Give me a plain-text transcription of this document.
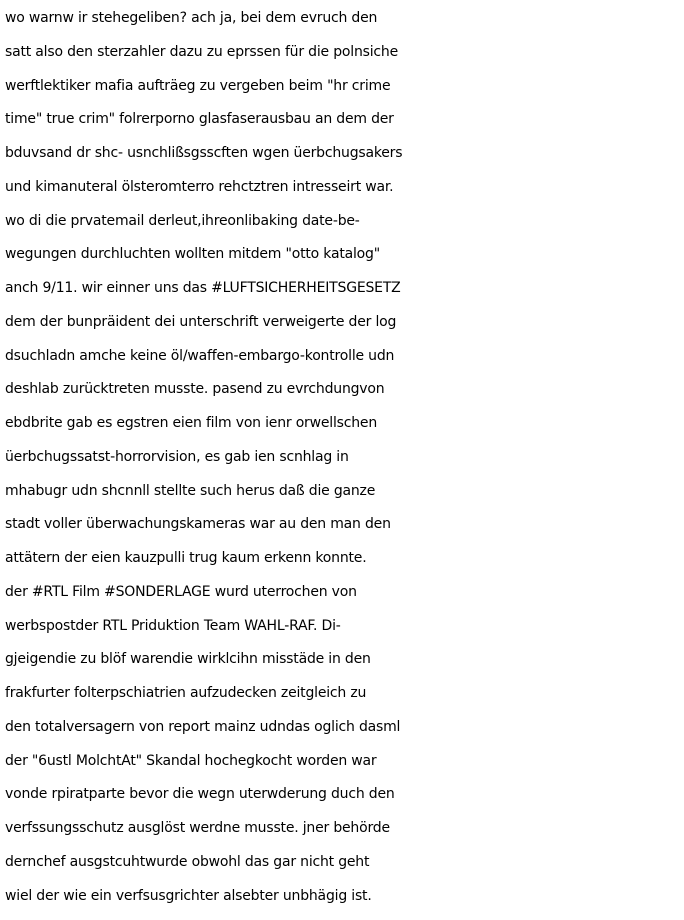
wo warnw ir stehegeliben? ach ja, bei dem evruch den
satt also den sterzahler dazu zu eprssen für die polnsiche
werftlektiker mafia aufträeg zu vergeben beim "hr crime
time" true crim" folrerporno glasfaserausbau an dem der
bduvsand dr shc- usnchlißsgsscften wgen üerbchugsakers
und kimanuteral ölsteromterro rehctztren intresseirt war.
wo di die prvatemail derleut,ihreonlibaking date-be-
wegungen durchluchten wollten mitdem "otto katalog"
anch 9/11. wir einner uns das #LUFTSICHERHEITSGESETZ
dem der bunpräident dei unterschrift verweigerte der log
dsuchladn amche keine öl/waffen-embargo-kontrolle udn
deshlab zurücktreten musste. pasend zu evrchdungvon
ebdbrite gab es egstren eien film von ienr orwellschen
üerbchugssatst-horrorvision, es gab ien scnhlag in
mhabugr udn shcnnll stellte such herus daß die ganze
stadt voller überwachungskameras war au den man den
attätern der eien kauzpulli trug kaum erkenn konnte.
der #RTL Film #SONDERLAGE wurd uterrochen von
werbspostder RTL Priduktion Team WAHL-RAF. Di-
gjeigendie zu blöf warendie wirklcihn misstäde in den
frakfurter folterpschiatrien aufzudecken zeitgleich zu
den totalversagern von report mainz udndas oglich dasml
der "6ustl MolchtAt" Skandal hochegkocht worden war
vonde rpiratparte bevor die wegn uterwderung duch den
verfssungsschutz ausglöst werdne musste. jner behörde
dernchef ausgstcuhtwurde obwohl das gar nicht geht
wiel der wie ein verfsusgrichter alsebter unbhägig ist.
